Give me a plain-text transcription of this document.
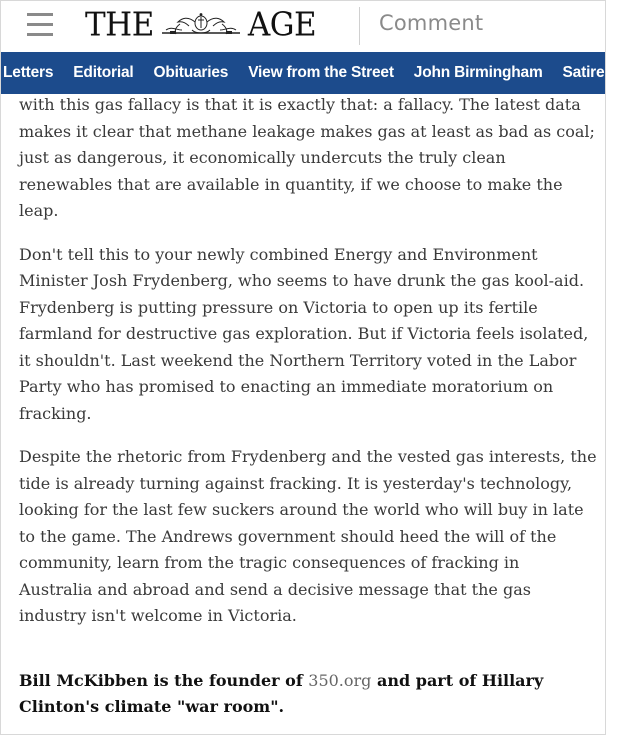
THE	AGE	Comment
Letters	Editorial	Obituaries	View from the Street	John Birmingham	Satire	T

with this gas fallacy is that it is exactly that: a fallacy. The latest data makes it clear that methane leakage makes gas at least as bad as coal; just as dangerous, it economically undercuts the truly clean renewables that are available in quantity, if we choose to make the leap.

Don't tell this to your newly combined Energy and Environment Minister Josh Frydenberg, who seems to have drunk the gas kool-aid. Frydenberg is putting pressure on Victoria to open up its fertile farmland for destructive gas exploration. But if Victoria feels isolated, it shouldn't. Last weekend the Northern Territory voted in the Labor Party who has promised to enacting an immediate moratorium on fracking.

Despite the rhetoric from Frydenberg and the vested gas interests, the tide is already turning against fracking. It is yesterday's technology, looking for the last few suckers around the world who will buy in late to the game. The Andrews government should heed the will of the community, learn from the tragic consequences of fracking in Australia and abroad and send a decisive message that the gas industry isn't welcome in Victoria.

Bill McKibben is the founder of 350.org and part of Hillary Clinton's climate "war room".
